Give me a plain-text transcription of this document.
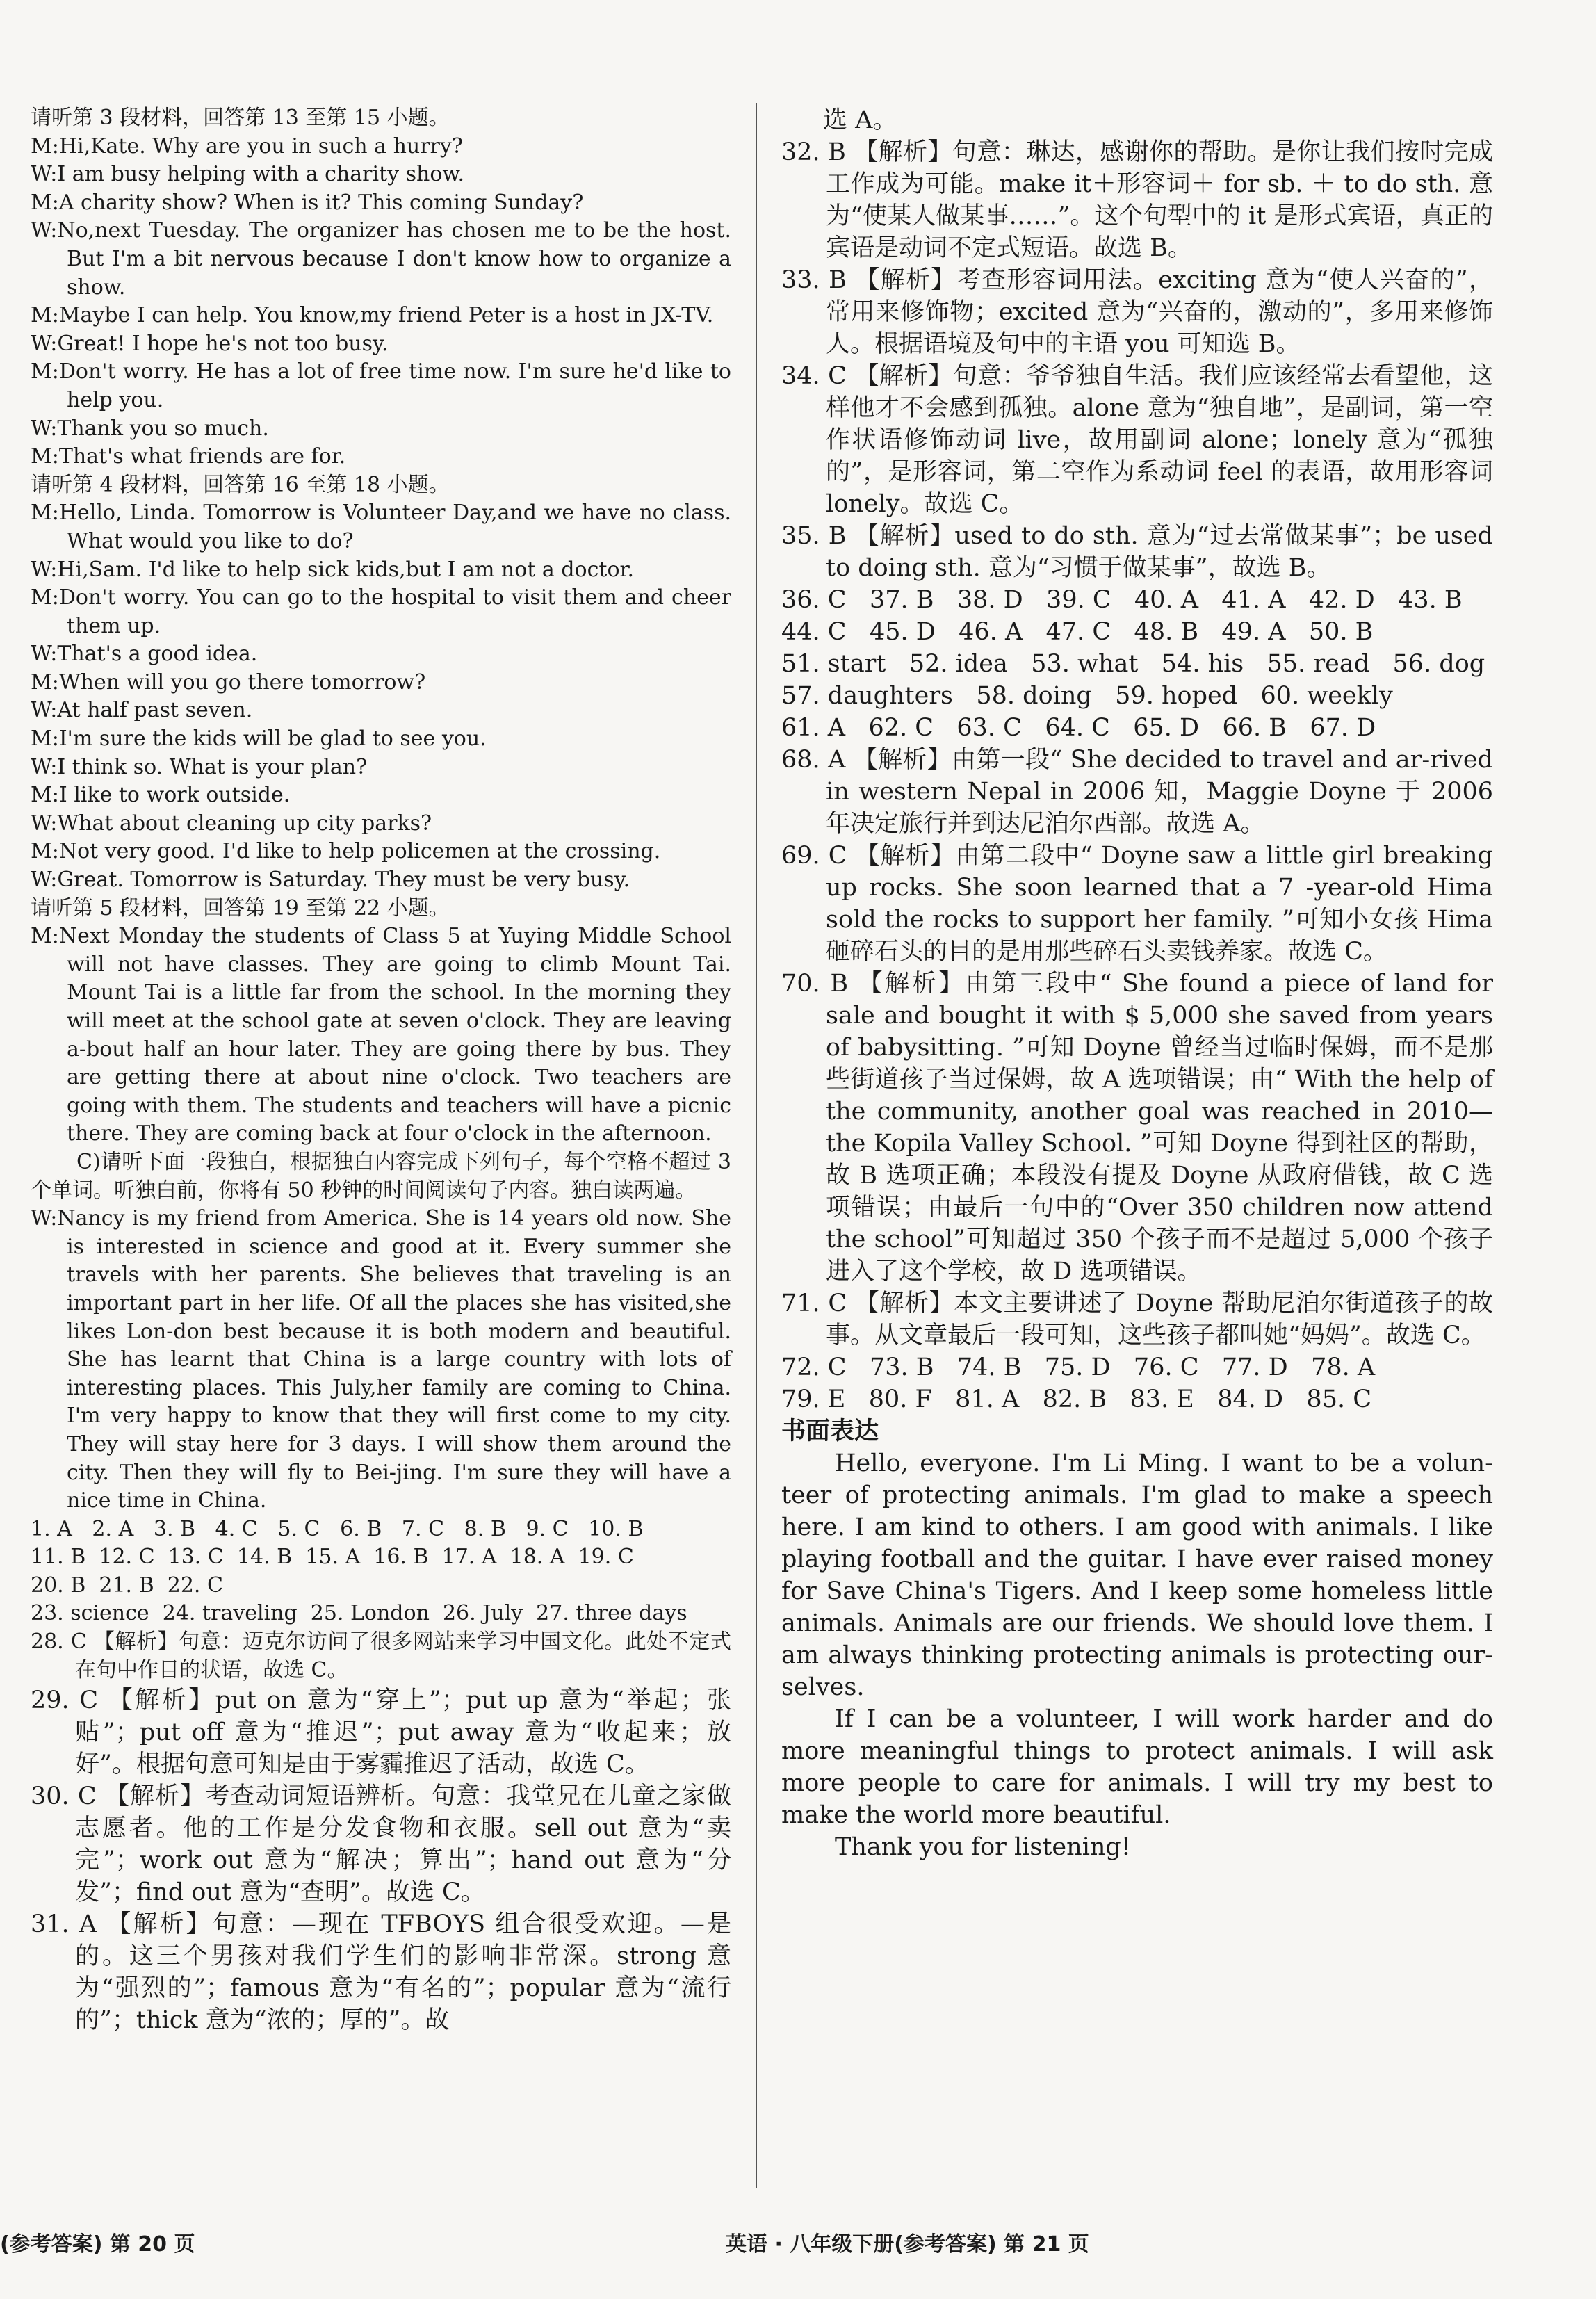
请听第 3 段材料，回答第 13 至第 15 小题。

M:Hi,Kate. Why are you in such a hurry?

W:I am busy helping with a charity show.

M:A charity show? When is it? This coming Sunday?

W:No,next Tuesday. The organizer has chosen me to be the host. But I'm a bit nervous because I don't know how to organize a show.

M:Maybe I can help. You know,my friend Peter is a host in JX-TV.

W:Great! I hope he's not too busy.

M:Don't worry. He has a lot of free time now. I'm sure he'd like to help you.

W:Thank you so much.

M:That's what friends are for.

请听第 4 段材料，回答第 16 至第 18 小题。

M:Hello, Linda. Tomorrow is Volunteer Day,and we have no class. What would you like to do?

W:Hi,Sam. I'd like to help sick kids,but I am not a doctor.

M:Don't worry. You can go to the hospital to visit them and cheer them up.

W:That's a good idea.

M:When will you go there tomorrow?

W:At half past seven.

M:I'm sure the kids will be glad to see you.

W:I think so. What is your plan?

M:I like to work outside.

W:What about cleaning up city parks?

M:Not very good. I'd like to help policemen at the crossing.

W:Great. Tomorrow is Saturday. They must be very busy.

请听第 5 段材料，回答第 19 至第 22 小题。

M:Next Monday the students of Class 5 at Yuying Middle School will not have classes. They are going to climb Mount Tai. Mount Tai is a little far from the school. In the morning they will meet at the school gate at seven o'clock. They are leaving a-bout half an hour later. They are going there by bus. They are getting there at about nine o'clock. Two teachers are going with them. The students and teachers will have a picnic there. They are coming back at four o'clock in the afternoon.

C)请听下面一段独白，根据独白内容完成下列句子，每个空格不超过 3 个单词。听独白前，你将有 50 秒钟的时间阅读句子内容。独白读两遍。

W:Nancy is my friend from America. She is 14 years old now. She is interested in science and good at it. Every summer she travels with her parents. She believes that traveling is an important part in her life. Of all the places she has visited,she likes Lon-don best because it is both modern and beautiful. She has learnt that China is a large country with lots of interesting places. This July,her family are coming to China. I'm very happy to know that they will first come to my city. They will stay here for 3 days. I will show them around the city. Then they will fly to Bei-jing. I'm sure they will have a nice time in China.

1. A   2. A   3. B   4. C   5. C   6. B   7. C   8. B   9. C   10. B

11. B  12. C  13. C  14. B  15. A  16. B  17. A  18. A  19. C

20. B  21. B  22. C

23. science  24. traveling  25. London  26. July  27. three days

28. C 【解析】句意：迈克尔访问了很多网站来学习中国文化。此处不定式在句中作目的状语，故选 C。

29. C 【解析】put on 意为“穿上”；put up 意为“举起；张贴”；put off 意为“推迟”；put away 意为“收起来；放好”。根据句意可知是由于雾霾推迟了活动，故选 C。

30. C 【解析】考查动词短语辨析。句意：我堂兄在儿童之家做志愿者。他的工作是分发食物和衣服。sell out 意为“卖完”；work out 意为“解决；算出”；hand out 意为“分发”；find out 意为“查明”。故选 C。

31. A 【解析】句意：—现在 TFBOYS 组合很受欢迎。—是的。这三个男孩对我们学生们的影响非常深。strong 意为“强烈的”；famous 意为“有名的”；popular 意为“流行的”；thick 意为“浓的；厚的”。故

选 A。

32. B 【解析】句意：琳达，感谢你的帮助。是你让我们按时完成工作成为可能。make it＋形容词＋ for sb. ＋ to do sth. 意为“使某人做某事……”。这个句型中的 it 是形式宾语，真正的宾语是动词不定式短语。故选 B。

33. B 【解析】考查形容词用法。exciting 意为“使人兴奋的”，常用来修饰物；excited 意为“兴奋的，激动的”，多用来修饰人。根据语境及句中的主语 you 可知选 B。

34. C 【解析】句意：爷爷独自生活。我们应该经常去看望他，这样他才不会感到孤独。alone 意为“独自地”，是副词，第一空作状语修饰动词 live，故用副词 alone；lonely 意为“孤独的”，是形容词，第二空作为系动词 feel 的表语，故用形容词 lonely。故选 C。

35. B 【解析】used to do sth. 意为“过去常做某事”；be used to doing sth. 意为“习惯于做某事”，故选 B。

36. C   37. B   38. D   39. C   40. A   41. A   42. D   43. B

44. C   45. D   46. A   47. C   48. B   49. A   50. B

51. start   52. idea   53. what   54. his   55. read   56. dog

57. daughters   58. doing   59. hoped   60. weekly

61. A   62. C   63. C   64. C   65. D   66. B   67. D

68. A 【解析】由第一段“ She decided to travel and ar-rived in western Nepal in 2006 知，Maggie Doyne 于 2006 年决定旅行并到达尼泊尔西部。故选 A。

69. C 【解析】由第二段中“ Doyne saw a little girl breaking up rocks. She soon learned that a 7 -year-old Hima sold the rocks to support her family. ”可知小女孩 Hima 砸碎石头的目的是用那些碎石头卖钱养家。故选 C。

70. B 【解析】由第三段中“ She found a piece of land for sale and bought it with $ 5,000 she saved from years of babysitting. ”可知 Doyne 曾经当过临时保姆，而不是那些街道孩子当过保姆，故 A 选项错误；由“ With the help of the community, another goal was reached in 2010—the Kopila Valley School. ”可知 Doyne 得到社区的帮助，故 B 选项正确；本段没有提及 Doyne 从政府借钱，故 C 选项错误；由最后一句中的“Over 350 children now attend the school”可知超过 350 个孩子而不是超过 5,000 个孩子进入了这个学校，故 D 选项错误。

71. C 【解析】本文主要讲述了 Doyne 帮助尼泊尔街道孩子的故事。从文章最后一段可知，这些孩子都叫她“妈妈”。故选 C。

72. C   73. B   74. B   75. D   76. C   77. D   78. A

79. E   80. F   81. A   82. B   83. E   84. D   85. C

书面表达

Hello, everyone. I'm Li Ming. I want to be a volun-teer of protecting animals. I'm glad to make a speech here. I am kind to others. I am good with animals. I like playing football and the guitar. I have ever raised money for Save China's Tigers. And I keep some homeless little animals. Animals are our friends. We should love them. I am always thinking protecting animals is protecting our-selves.

If I can be a volunteer, I will work harder and do more meaningful things to protect animals. I will ask more people to care for animals. I will try my best to make the world more beautiful.

Thank you for listening!

(参考答案) 第 20 页	英语 · 八年级下册(参考答案) 第 21 页
